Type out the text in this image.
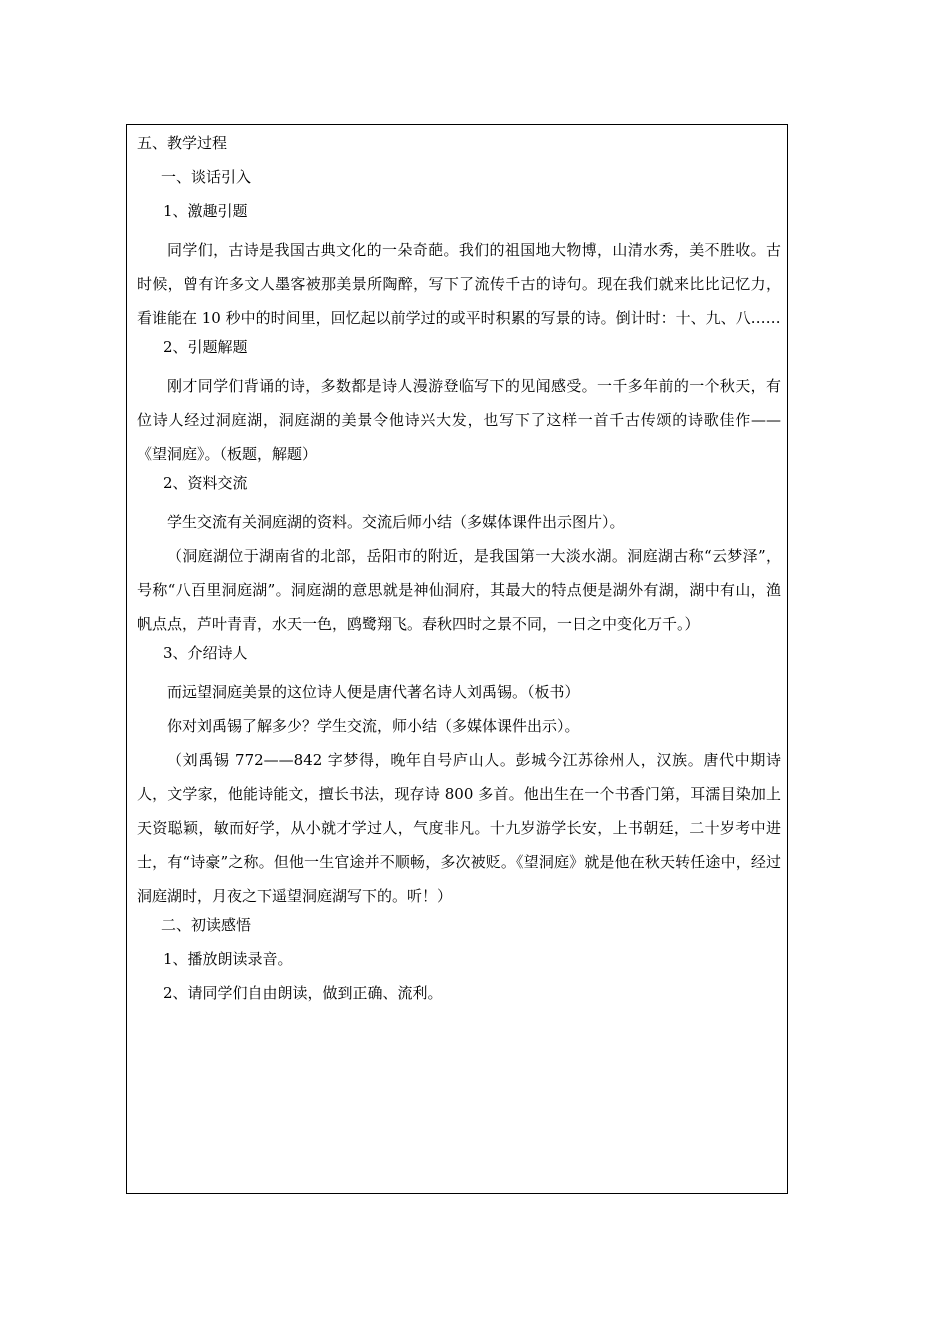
五、教学过程
一、谈话引入
1、激趣引题

同学们，古诗是我国古典文化的一朵奇葩。我们的祖国地大物博，山清水秀，美不胜收。古时候，曾有许多文人墨客被那美景所陶醉，写下了流传千古的诗句。现在我们就来比比记忆力，看谁能在 10 秒中的时间里，回忆起以前学过的或平时积累的写景的诗。倒计时：十、九、八……

2、引题解题

刚才同学们背诵的诗，多数都是诗人漫游登临写下的见闻感受。一千多年前的一个秋天，有位诗人经过洞庭湖，洞庭湖的美景令他诗兴大发，也写下了这样一首千古传颂的诗歌佳作——《望洞庭》。（板题，解题）

2、资料交流

学生交流有关洞庭湖的资料。交流后师小结（多媒体课件出示图片）。

（洞庭湖位于湖南省的北部，岳阳市的附近，是我国第一大淡水湖。洞庭湖古称“云梦泽”，号称“八百里洞庭湖”。洞庭湖的意思就是神仙洞府，其最大的特点便是湖外有湖，湖中有山，渔帆点点，芦叶青青，水天一色，鸥鹭翔飞。春秋四时之景不同，一日之中变化万千。）

3、介绍诗人

而远望洞庭美景的这位诗人便是唐代著名诗人刘禹锡。（板书）

你对刘禹锡了解多少？学生交流，师小结（多媒体课件出示）。

（刘禹锡 772——842 字梦得，晚年自号庐山人。彭城今江苏徐州人，汉族。唐代中期诗人，文学家，他能诗能文，擅长书法，现存诗 800 多首。他出生在一个书香门第，耳濡目染加上天资聪颖，敏而好学，从小就才学过人，气度非凡。十九岁游学长安，上书朝廷，二十岁考中进士，有“诗豪”之称。但他一生官途并不顺畅，多次被贬。《望洞庭》就是他在秋天转任途中，经过洞庭湖时，月夜之下遥望洞庭湖写下的。听！）

二、初读感悟
1、播放朗读录音。
2、请同学们自由朗读，做到正确、流利。
